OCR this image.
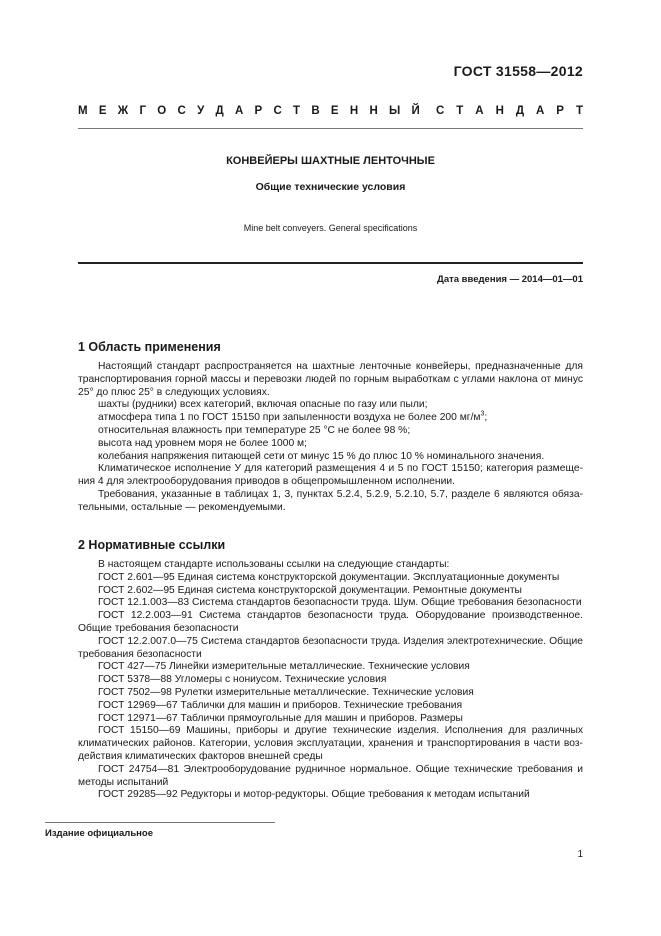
ГОСТ 31558—2012
М Е Ж Г О С У Д А Р С Т В Е Н Н Ы Й С Т А Н Д А Р Т
КОНВЕЙЕРЫ ШАХТНЫЕ ЛЕНТОЧНЫЕ
Общие технические условия
Mine belt conveyers. General specifications
Дата введения — 2014—01—01
1 Область применения

Настоящий стандарт распространяется на шахтные ленточные конвейеры, предназначенные для транспортирования горной массы и перевозки людей по горным выработкам с углами наклона от минус 25° до плюс 25° в следующих условиях.

шахты (рудники) всех категорий, включая опасные по газу или пыли;

атмосфера типа 1 по ГОСТ 15150 при запыленности воздуха не более 200 $мг/м^3$;

относительная влажность при температуре 25 °С не более 98 %;

высота над уровнем моря не более 1000 м;

колебания напряжения питающей сети от минус 15 % до плюс 10 % номинального значения.

Климатическое исполнение У для категорий размещения 4 и 5 по ГОСТ 15150; категория размеще-ния 4 для электрооборудования приводов в общепромышленном исполнении.

Требования, указанные в таблицах 1, 3, пунктах 5.2.4, 5.2.9, 5.2.10, 5.7, разделе 6 являются обяза-тельными, остальные — рекомендуемыми.

2 Нормативные ссылки

В настоящем стандарте использованы ссылки на следующие стандарты:

ГОСТ 2.601—95 Единая система конструкторской документации. Эксплуатационные документы

ГОСТ 2.602—95 Единая система конструкторской документации. Ремонтные документы

ГОСТ 12.1.003—83 Система стандартов безопасности труда. Шум. Общие требования безопасности

ГОСТ 12.2.003—91 Система стандартов безопасности труда. Оборудование производственное. Общие требования безопасности

ГОСТ 12.2.007.0—75 Система стандартов безопасности труда. Изделия электротехнические. Общие требования безопасности

ГОСТ 427—75 Линейки измерительные металлические. Технические условия

ГОСТ 5378—88 Угломеры с нониусом. Технические условия

ГОСТ 7502—98 Рулетки измерительные металлические. Технические условия

ГОСТ 12969—67 Таблички для машин и приборов. Технические требования

ГОСТ 12971—67 Таблички прямоугольные для машин и приборов. Размеры

ГОСТ 15150—69 Машины, приборы и другие технические изделия. Исполнения для различных климатических районов. Категории, условия эксплуатации, хранения и транспортирования в части воз-действия климатических факторов внешней среды

ГОСТ 24754—81 Электрооборудование рудничное нормальное. Общие технические требования и методы испытаний

ГОСТ 29285—92 Редукторы и мотор-редукторы. Общие требования к методам испытаний

Издание официальное
1
